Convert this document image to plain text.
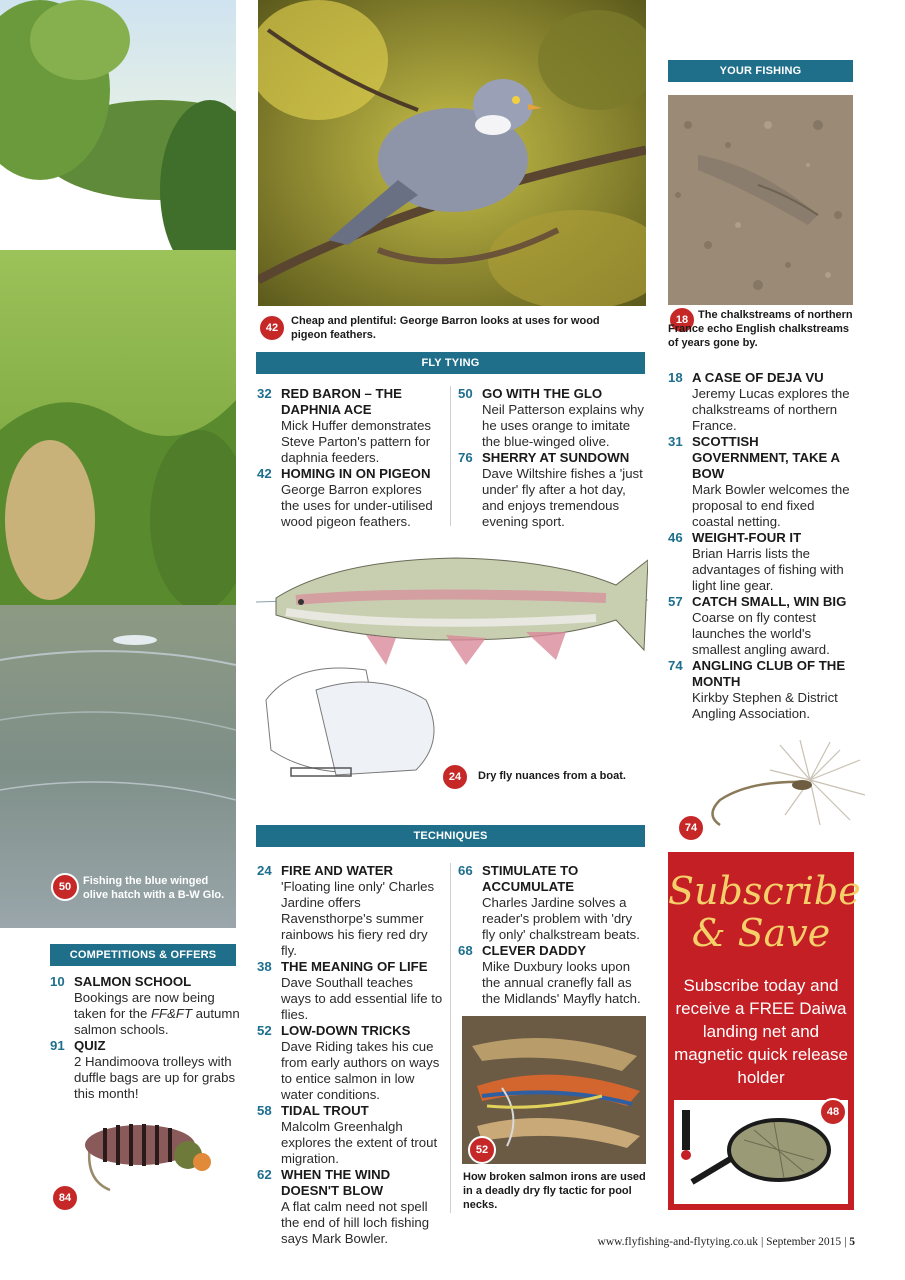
50	Fishing the blue winged olive hatch with a B-W Glo.
42
Cheap and plentiful: George Barron looks at uses for wood pigeon feathers.
FLY TYING
32 RED BARON – THE DAPHNIA ACE
Mick Huffer demonstrates Steve Parton's pattern for daphnia feeders.
42 HOMING IN ON PIGEON
George Barron explores the uses for under-utilised wood pigeon feathers.
50 GO WITH THE GLO
Neil Patterson explains why he uses orange to imitate the blue-winged olive.
76 SHERRY AT SUNDOWN
Dave Wiltshire fishes a 'just under' fly after a hot day, and enjoys tremendous evening sport.
24	Dry fly nuances from a boat.
TECHNIQUES
24 FIRE AND WATER
'Floating line only' Charles Jardine offers Ravensthorpe's summer rainbows his fiery red dry fly.
38 THE MEANING OF LIFE
Dave Southall teaches ways to add essential life to flies.
52 LOW-DOWN TRICKS
Dave Riding takes his cue from early authors on ways to entice salmon in low water conditions.
58 TIDAL TROUT
Malcolm Greenhalgh explores the extent of trout migration.
62 WHEN THE WIND DOESN'T BLOW
A flat calm need not spell the end of hill loch fishing says Mark Bowler.
66 STIMULATE TO ACCUMULATE
Charles Jardine solves a reader's problem with 'dry fly only' chalkstream beats.
68 CLEVER DADDY
Mike Duxbury looks upon the annual cranefly fall as the Midlands' Mayfly hatch.
52
How broken salmon irons are used in a deadly dry fly tactic for pool necks.
YOUR FISHING
18 The chalkstreams of northern France echo English chalkstreams of years gone by.
18 A CASE OF DEJA VU
Jeremy Lucas explores the chalkstreams of northern France.
31 SCOTTISH GOVERNMENT, TAKE A BOW
Mark Bowler welcomes the proposal to end fixed coastal netting.
46 WEIGHT-FOUR IT
Brian Harris lists the advantages of fishing with light line gear.
57 CATCH SMALL, WIN BIG
Coarse on fly contest launches the world's smallest angling award.
74 ANGLING CLUB OF THE MONTH
Kirkby Stephen & District Angling Association.
74
COMPETITIONS & OFFERS
10 SALMON SCHOOL
Bookings are now being taken for the FF&FT autumn salmon schools.
91 QUIZ
2 Handimoova trolleys with duffle bags are up for grabs this month!
84
Subscribe
& Save
Subscribe today and receive a FREE Daiwa landing net and magnetic quick release holder
48
www.flyfishing-and-flytying.co.uk | September 2015 | 5
